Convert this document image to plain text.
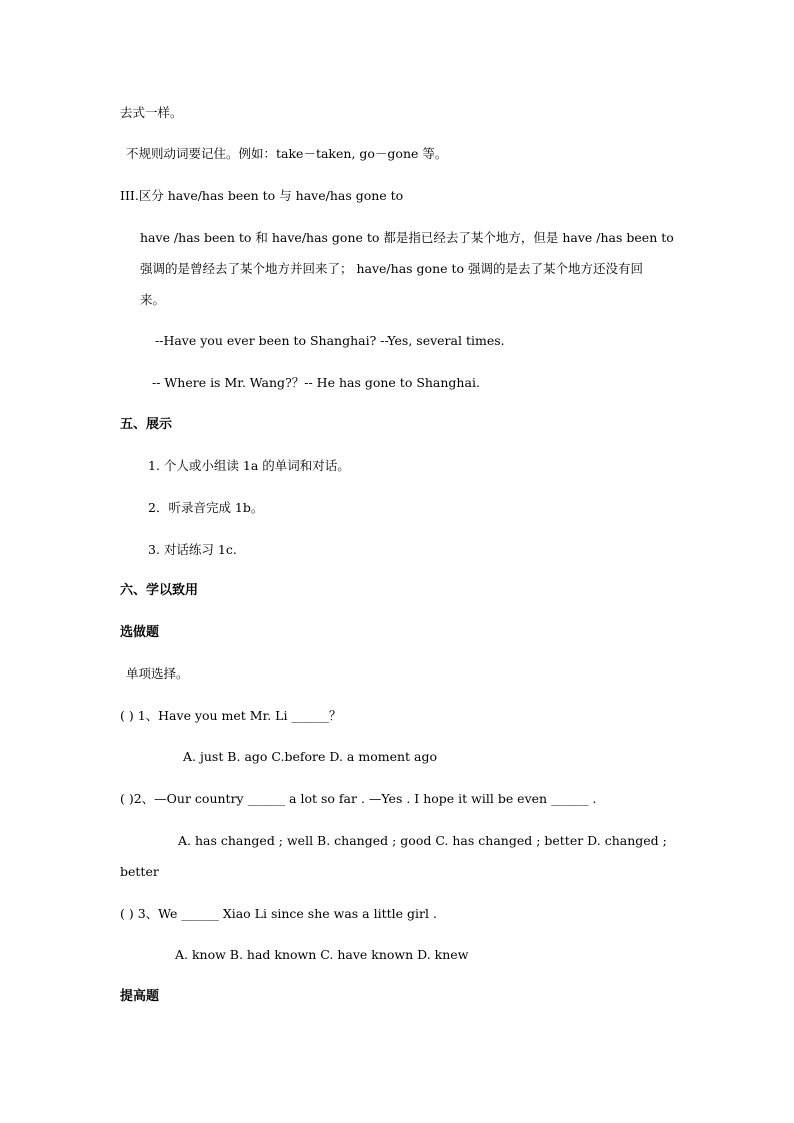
去式一样。
不规则动词要记住。例如：take－taken, go－gone 等。
III.区分 have/has been to 与 have/has gone to
have /has been to 和 have/has gone to 都是指已经去了某个地方，但是 have /has been to
强调的是曾经去了某个地方并回来了； have/has gone to 强调的是去了某个地方还没有回
来。
--Have you ever been to Shanghai? --Yes, several times.
-- Where is Mr. Wang?？-- He has gone to Shanghai.
五、展示
1. 个人或小组读 1a 的单词和对话。
2．听录音完成 1b。
3. 对话练习 1c.
六、学以致用
选做题
单项选择。
( ) 1、Have you met Mr. Li ______？
A. just B. ago C.before D. a moment ago
( )2、—Our country ______ a lot so far . —Yes . I hope it will be even ______ .
A. has changed ; well B. changed ; good C. has changed ; better D. changed ;
better
( ) 3、We ______ Xiao Li since she was a little girl .
A. know B. had known C. have known D. knew
提高题
